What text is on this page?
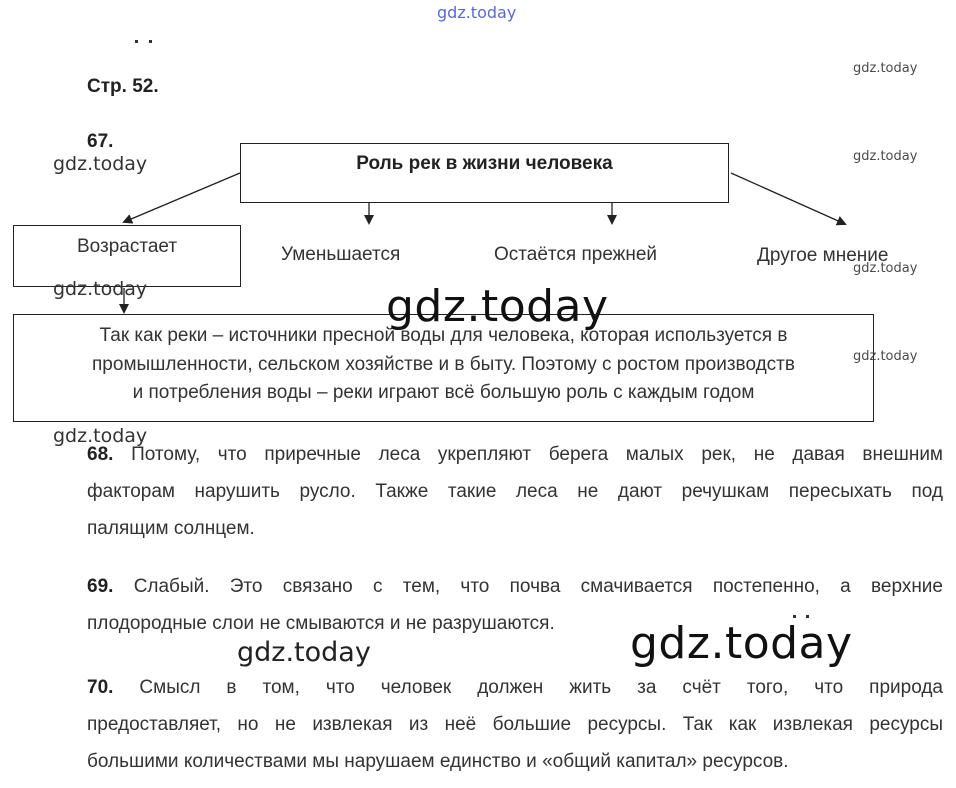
gdz.today
Стр. 52.
gdz.today
67.
gdz.today	gdz.today
Роль рек в жизни человека
Возрастает	Уменьшается	Остаётся прежней	Другое мнение
gdz.today
gdz.today
Так как реки – источники пресной воды для человека, которая используется в
промышленности, сельском хозяйстве и в быту. Поэтому с ростом производств
и потребления воды – реки играют всё большую роль с каждым годом
gdz.today
gdz.today
gdz.today
68. Потому, что приречные леса укрепляют берега малых рек, не давая внешним
факторам нарушить русло. Также такие леса не дают речушкам пересыхать под
палящим солнцем.
69. Слабый. Это связано с тем, что почва смачивается постепенно, а верхние
плодородные слои не смываются и не разрушаются.	gdz.today
gdz.today
70. Смысл в том, что человек должен жить за счёт того, что природа
предоставляет, но не извлекая из неё большие ресурсы. Так как извлекая ресурсы
большими количествами мы нарушаем единство и «общий капитал» ресурсов.
